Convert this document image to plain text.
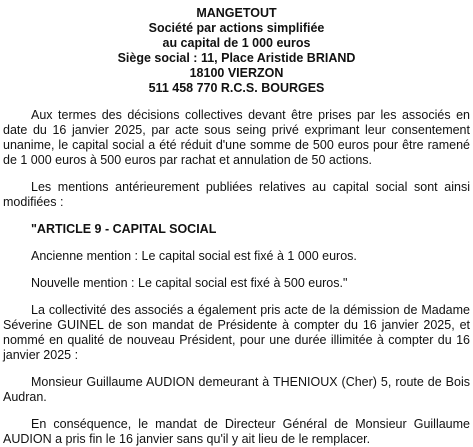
MANGETOUT
Société par actions simplifiée
au capital de 1 000 euros
Siège social : 11, Place Aristide BRIAND
18100 VIERZON
511 458 770 R.C.S. BOURGES

Aux termes des décisions collectives devant être prises par les associés en date du 16 janvier 2025, par acte sous seing privé exprimant leur consentement unanime, le capital social a été réduit d'une somme de 500 euros pour être ramené de 1 000 euros à 500 euros par rachat et annulation de 50 actions.

Les mentions antérieurement publiées relatives au capital social sont ainsi modifiées :

"ARTICLE 9 - CAPITAL SOCIAL
Ancienne mention : Le capital social est fixé à 1 000 euros.
Nouvelle mention : Le capital social est fixé à 500 euros."

La collectivité des associés a également pris acte de la démission de Madame Séverine GUINEL de son mandat de Présidente à compter du 16 janvier 2025, et nommé en qualité de nouveau Président, pour une durée illimitée à compter du 16 janvier 2025 :

Monsieur Guillaume AUDION demeurant à THENIOUX (Cher) 5, route de Bois Audran.

En conséquence, le mandat de Directeur Général de Monsieur Guillaume AUDION a pris fin le 16 janvier sans qu'il y ait lieu de le remplacer.
